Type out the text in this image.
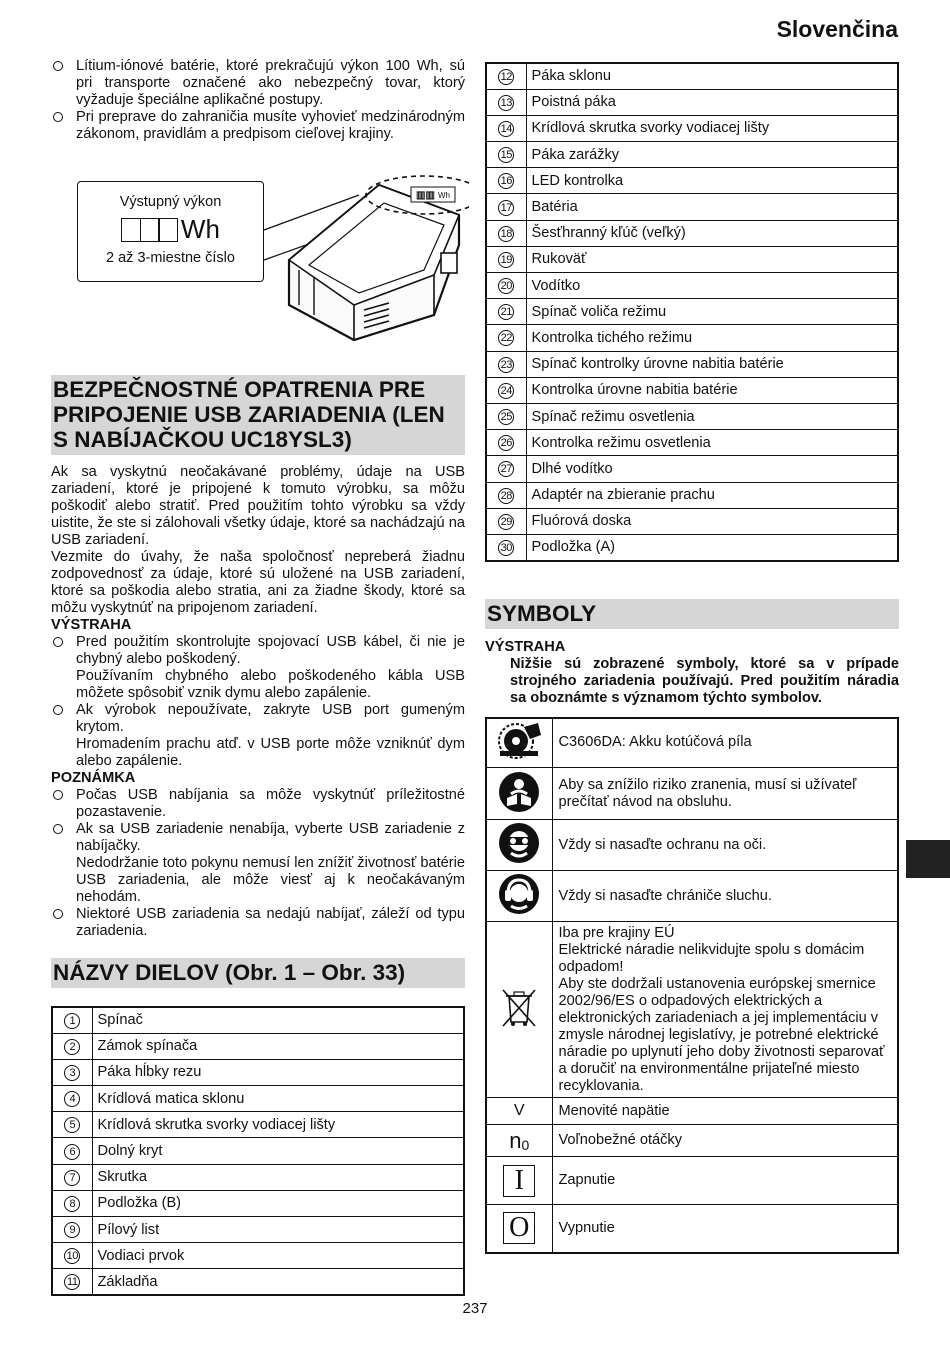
Slovenčina
Lítium-iónové batérie, ktoré prekračujú výkon 100 Wh, sú pri transporte označené ako nebezpečný tovar, ktorý vyžaduje špeciálne aplikačné postupy.
Pri preprave do zahraničia musíte vyhovieť medzinárodným zákonom, pravidlám a predpisom cieľovej krajiny.
Výstupný výkon
Wh
2 až 3-miestne číslo
▥▥ Wh
BEZPEČNOSTNÉ OPATRENIA PRE PRIPOJENIE USB ZARIADENIA (LEN S NABÍJAČKOU UC18YSL3)

Ak sa vyskytnú neočakávané problémy, údaje na USB zariadení, ktoré je pripojené k tomuto výrobku, sa môžu poškodiť alebo stratiť. Pred použitím tohto výrobku sa vždy uistite, že ste si zálohovali všetky údaje, ktoré sa nachádzajú na USB zariadení.

Vezmite do úvahy, že naša spoločnosť nepreberá žiadnu zodpovednosť za údaje, ktoré sú uložené na USB zariadení, ktoré sa poškodia alebo stratia, ani za žiadne škody, ktoré sa môžu vyskytnúť na pripojenom zariadení.

VÝSTRAHA
Pred použitím skontrolujte spojovací USB kábel, či nie je chybný alebo poškodený.
Používaním chybného alebo poškodeného kábla USB môžete spôsobiť vznik dymu alebo zapálenie.
Ak výrobok nepoužívate, zakryte USB port gumeným krytom.
Hromadením prachu atď. v USB porte môže vzniknúť dym alebo zapálenie.
POZNÁMKA
Počas USB nabíjania sa môže vyskytnúť príležitostné pozastavenie.
Ak sa USB zariadenie nenabíja, vyberte USB zariadenie z nabíjačky.
Nedodržanie toto pokynu nemusí len znížiť životnosť batérie USB zariadenia, ale môže viesť aj k neočakávaným nehodám.
Niektoré USB zariadenia sa nedajú nabíjať, záleží od typu zariadenia.
NÁZVY DIELOV (Obr. 1 – Obr. 33)
1	Spínač
2	Zámok spínača
3	Páka hĺbky rezu
4	Krídlová matica sklonu
5	Krídlová skrutka svorky vodiacej lišty
6	Dolný kryt
7	Skrutka
8	Podložka (B)
9	Pílový list
10	Vodiaci prvok
11	Základňa
12	Páka sklonu
13	Poistná páka
14	Krídlová skrutka svorky vodiacej lišty
15	Páka zarážky
16	LED kontrolka
17	Batéria
18	Šesťhranný kľúč (veľký)
19	Rukoväť
20	Vodítko
21	Spínač voliča režimu
22	Kontrolka tichého režimu
23	Spínač kontrolky úrovne nabitia batérie
24	Kontrolka úrovne nabitia batérie
25	Spínač režimu osvetlenia
26	Kontrolka režimu osvetlenia
27	Dlhé vodítko
28	Adaptér na zbieranie prachu
29	Fluórová doska
30	Podložka (A)
SYMBOLY
VÝSTRAHA
Nižšie sú zobrazené symboly, ktoré sa v prípade strojného zariadenia používajú. Pred použitím náradia sa oboznámte s významom týchto symbolov.
	C3606DA: Akku kotúčová píla
	Aby sa znížilo riziko zranenia, musí si užívateľ prečítať návod na obsluhu.
	Vždy si nasaďte ochranu na oči.
	Vždy si nasaďte chrániče sluchu.
	Iba pre krajiny EÚ
Elektrické náradie nelikvidujte spolu s domácim odpadom!
Aby ste dodržali ustanovenia európskej smernice 2002/96/ES o odpadových elektrických a elektronických zariadeniach a jej implementáciu v zmysle národnej legislatívy, je potrebné elektrické náradie po uplynutí jeho doby životnosti separovať a doručiť na environmentálne prijateľné miesto recyklovania.
V	Menovité napätie
$n_0$	Voľnobežné otáčky
I	Zapnutie
O	Vypnutie
237
